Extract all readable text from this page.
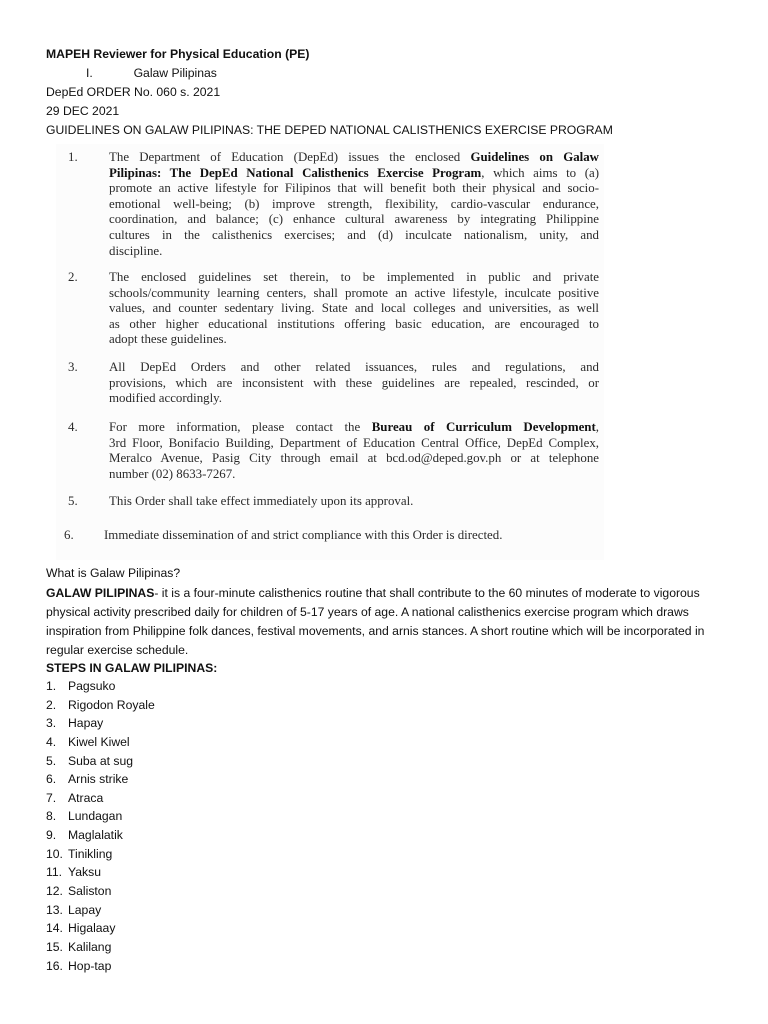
MAPEH Reviewer for Physical Education (PE)
I.	Galaw Pilipinas
DepEd ORDER No. 060 s. 2021
29 DEC 2021
GUIDELINES ON GALAW PILIPINAS: THE DEPED NATIONAL CALISTHENICS EXERCISE PROGRAM
1.	The Department of Education (DepEd) issues the enclosed Guidelines on Galaw
Pilipinas: The DepEd National Calisthenics Exercise Program, which aims to (a)
promote an active lifestyle for Filipinos that will benefit both their physical and socio-
emotional well-being; (b) improve strength, flexibility, cardio-vascular endurance,
coordination, and balance; (c) enhance cultural awareness by integrating Philippine
cultures in the calisthenics exercises; and (d) inculcate nationalism, unity, and
discipline.
2.	The enclosed guidelines set therein, to be implemented in public and private
schools/community learning centers, shall promote an active lifestyle, inculcate positive
values, and counter sedentary living. State and local colleges and universities, as well
as other higher educational institutions offering basic education, are encouraged to
adopt these guidelines.
3.	All DepEd Orders and other related issuances, rules and regulations, and
provisions, which are inconsistent with these guidelines are repealed, rescinded, or
modified accordingly.
4.	For more information, please contact the Bureau of Curriculum Development,
3rd Floor, Bonifacio Building, Department of Education Central Office, DepEd Complex,
Meralco Avenue, Pasig City through email at bcd.od@deped.gov.ph or at telephone
number (02) 8633-7267.
5.	This Order shall take effect immediately upon its approval.
6.	Immediate dissemination of and strict compliance with this Order is directed.
What is Galaw Pilipinas?
GALAW PILIPINAS- it is a four-minute calisthenics routine that shall contribute to the 60 minutes of moderate to vigorous physical activity prescribed daily for children of 5-17 years of age. A national calisthenics exercise program which draws inspiration from Philippine folk dances, festival movements, and arnis stances. A short routine which will be incorporated in regular exercise schedule.
STEPS IN GALAW PILIPINAS:
1. Pagsuko
2. Rigodon Royale
3. Hapay
4. Kiwel Kiwel
5. Suba at sug
6. Arnis strike
7. Atraca
8. Lundagan
9. Maglalatik
10. Tinikling
11. Yaksu
12. Saliston
13. Lapay
14. Higalaay
15. Kalilang
16. Hop-tap
